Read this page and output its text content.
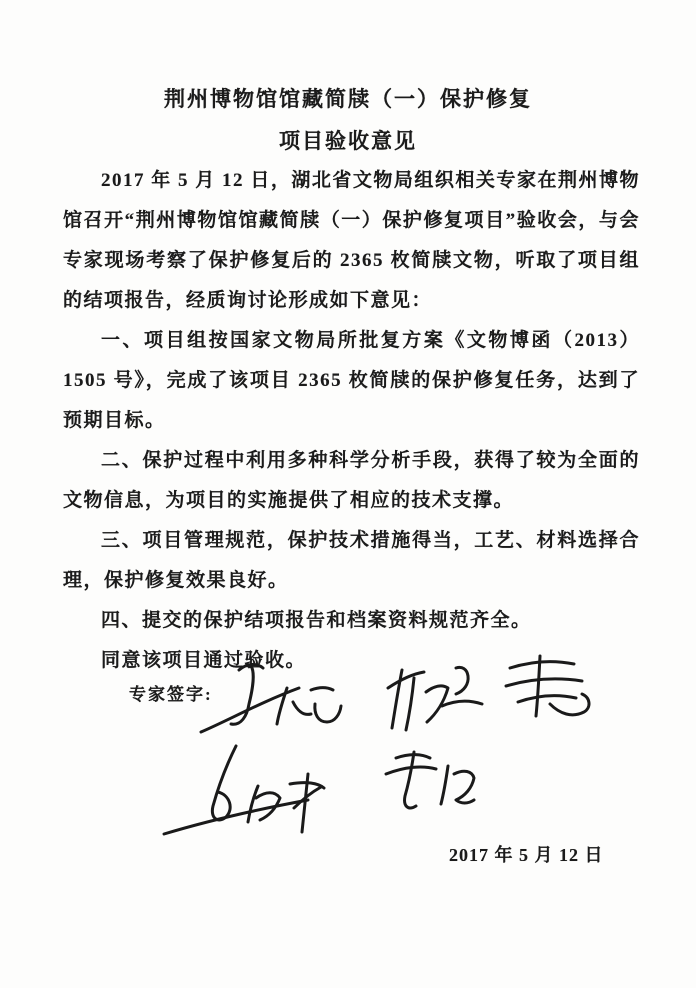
荆州博物馆馆藏简牍（一）保护修复
项目验收意见

2017 年 5 月 12 日，湖北省文物局组织相关专家在荆州博物馆召开“荆州博物馆馆藏简牍（一）保护修复项目”验收会，与会专家现场考察了保护修复后的 2365 枚简牍文物，听取了项目组的结项报告，经质询讨论形成如下意见：

一、项目组按国家文物局所批复方案《文物博函（2013）1505 号》，完成了该项目 2365 枚简牍的保护修复任务，达到了预期目标。

二、保护过程中利用多种科学分析手段，获得了较为全面的文物信息，为项目的实施提供了相应的技术支撑。

三、项目管理规范，保护技术措施得当，工艺、材料选择合理，保护修复效果良好。

四、提交的保护结项报告和档案资料规范齐全。

同意该项目通过验收。

专家签字:
2017 年 5 月 12 日
